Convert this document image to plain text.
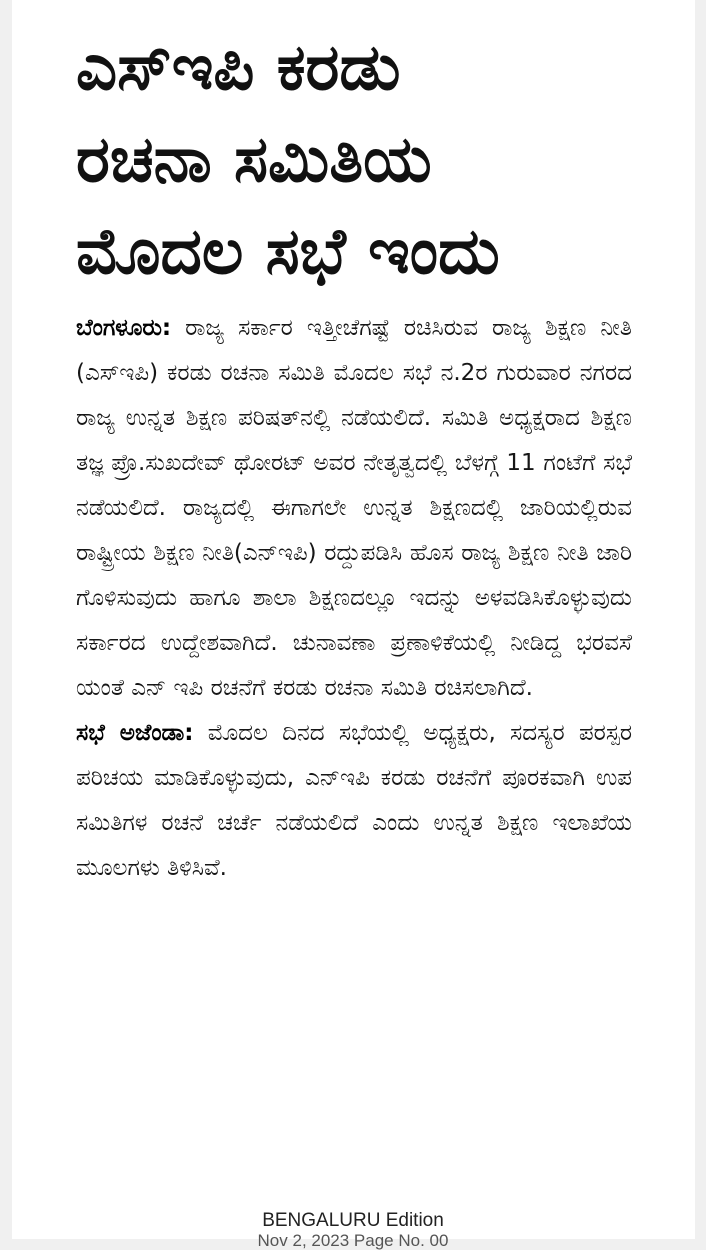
ಎಸ್‌ಇಪಿ ಕರಡು
ರಚನಾ ಸಮಿತಿಯ
ಮೊದಲ ಸಭೆ ಇಂದು

ಬೆಂಗಳೂರು: ರಾಜ್ಯ ಸರ್ಕಾರ ಇತ್ತೀಚೆಗಷ್ಟೆ ರಚಿಸಿರುವ ರಾಜ್ಯ ಶಿಕ್ಷಣ ನೀತಿ (ಎಸ್‌ಇಪಿ) ಕರಡು ರಚನಾ ಸಮಿತಿ ಮೊದಲ ಸಭೆ ನ.2ರ ಗುರುವಾರ ನಗರದ ರಾಜ್ಯ ಉನ್ನತ ಶಿಕ್ಷಣ ಪರಿಷತ್‌ನಲ್ಲಿ ನಡೆಯಲಿದೆ. ಸಮಿತಿ ಅಧ್ಯಕ್ಷರಾದ ಶಿಕ್ಷಣ ತಜ್ಞ ಪ್ರೊ.ಸುಖದೇವ್ ಥೋರಟ್ ಅವರ ನೇತೃತ್ವದಲ್ಲಿ ಬೆಳಗ್ಗೆ 11 ಗಂಟೆಗೆ ಸಭೆ ನಡೆಯಲಿದೆ. ರಾಜ್ಯದಲ್ಲಿ ಈಗಾಗಲೇ ಉನ್ನತ ಶಿಕ್ಷಣದಲ್ಲಿ ಜಾರಿಯಲ್ಲಿರುವ ರಾಷ್ಟ್ರೀಯ ಶಿಕ್ಷಣ ನೀತಿ(ಎನ್‌ಇಪಿ) ರದ್ದುಪಡಿಸಿ ಹೊಸ ರಾಜ್ಯ ಶಿಕ್ಷಣ ನೀತಿ ಜಾರಿ ಗೊಳಿಸುವುದು ಹಾಗೂ ಶಾಲಾ ಶಿಕ್ಷಣದಲ್ಲೂ ಇದನ್ನು ಅಳವಡಿಸಿಕೊಳ್ಳುವುದು ಸರ್ಕಾರದ ಉದ್ದೇಶವಾಗಿದೆ. ಚುನಾವಣಾ ಪ್ರಣಾಳಿಕೆಯಲ್ಲಿ ನೀಡಿದ್ದ ಭರವಸೆ ಯಂತೆ ಎನ್ ಇಪಿ ರಚನೆಗೆ ಕರಡು ರಚನಾ ಸಮಿತಿ ರಚಿಸಲಾಗಿದೆ.

ಸಭೆ ಅಜೆಂಡಾ: ಮೊದಲ ದಿನದ ಸಭೆಯಲ್ಲಿ ಅಧ್ಯಕ್ಷರು, ಸದಸ್ಯರ ಪರಸ್ಪರ ಪರಿಚಯ ಮಾಡಿಕೊಳ್ಳುವುದು, ಎನ್‌ಇಪಿ ಕರಡು ರಚನೆಗೆ ಪೂರಕವಾಗಿ ಉಪ ಸಮಿತಿಗಳ ರಚನೆ ಚರ್ಚೆ ನಡೆಯಲಿದೆ ಎಂದು ಉನ್ನತ ಶಿಕ್ಷಣ ಇಲಾಖೆಯ ಮೂಲಗಳು ತಿಳಿಸಿವೆ.

BENGALURU Edition
Nov 2, 2023 Page No. 00
